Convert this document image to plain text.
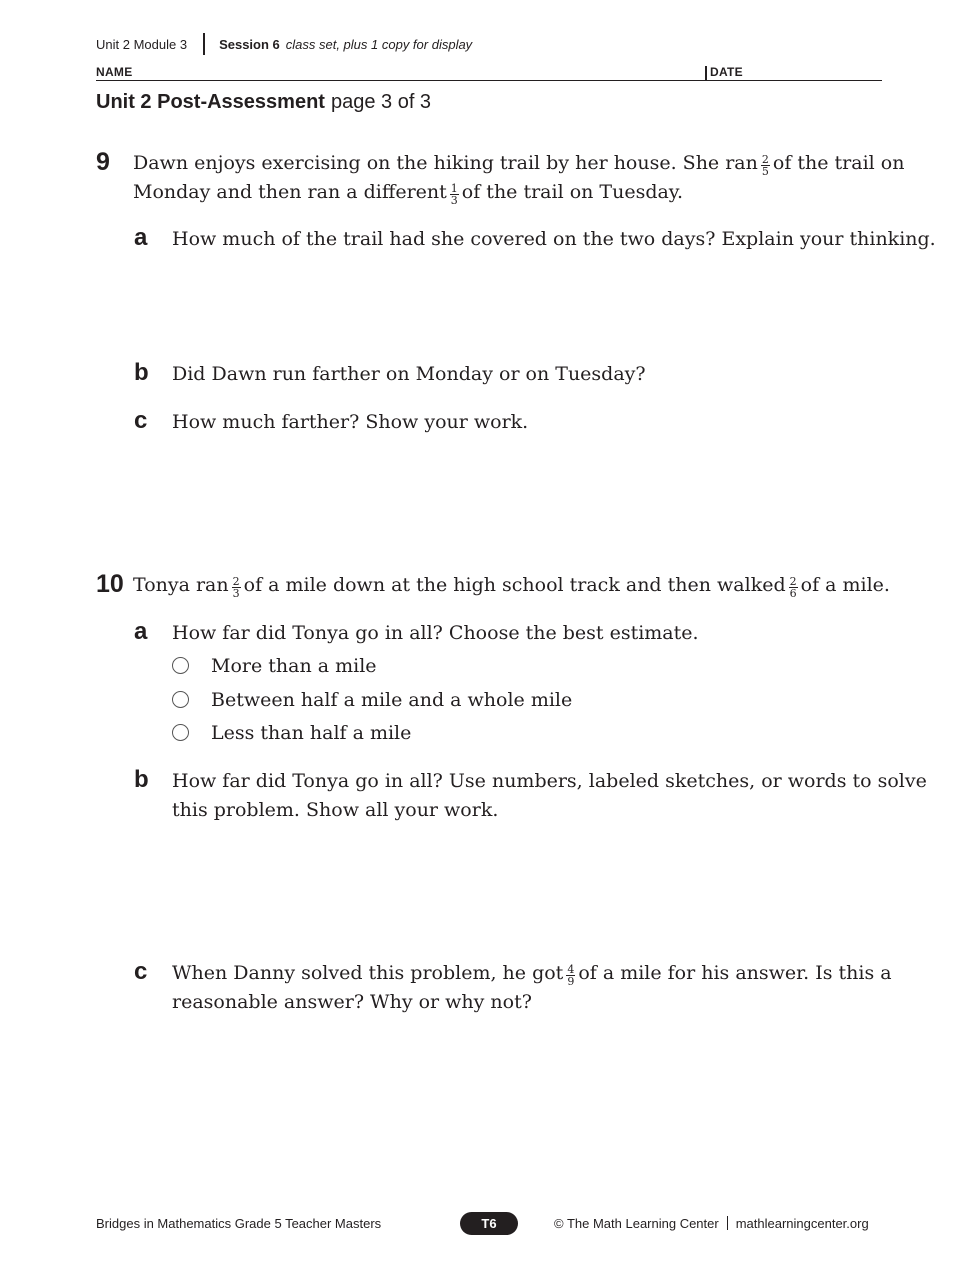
Unit 2 Module 3 Session 6 class set, plus 1 copy for display
NAME	DATE
Unit 2 Post-Assessment page 3 of 3
9 Dawn enjoys exercising on the hiking trail by her house. She ran $\frac{2}{5}$ of the trail on
Monday and then ran a different $\frac{1}{3}$ of the trail on Tuesday.
a How much of the trail had she covered on the two days? Explain your thinking.
b Did Dawn run farther on Monday or on Tuesday?
c How much farther? Show your work.
10 Tonya ran $\frac{2}{3}$ of a mile down at the high school track and then walked $\frac{2}{6}$ of a mile.
a How far did Tonya go in all? Choose the best estimate.
More than a mile
Between half a mile and a whole mile
Less than half a mile
b How far did Tonya go in all? Use numbers, labeled sketches, or words to solve
this problem. Show all your work.
c When Danny solved this problem, he got $\frac{4}{9}$ of a mile for his answer. Is this a
reasonable answer? Why or why not?
Bridges in Mathematics Grade 5 Teacher Masters	T6	© The Math Learning Center mathlearningcenter.org
